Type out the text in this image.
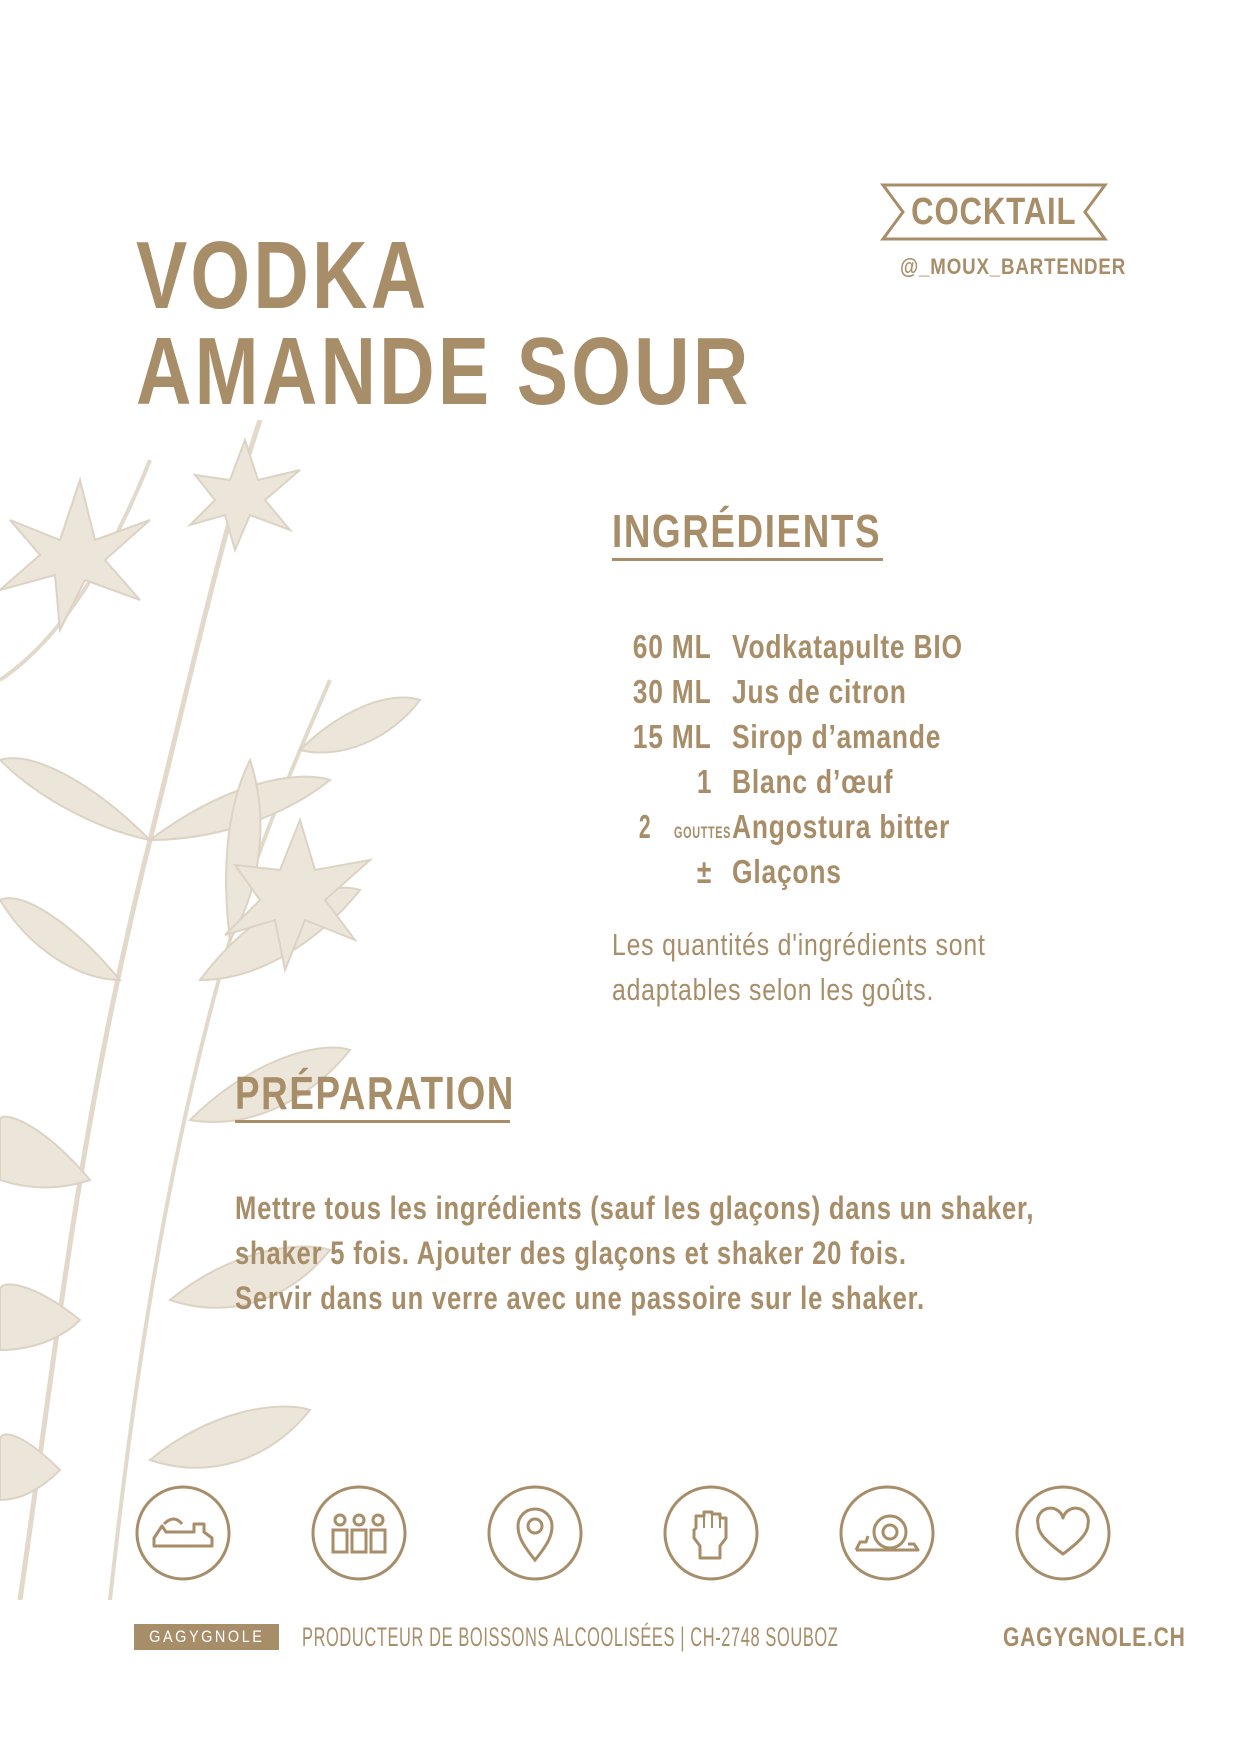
COCKTAIL
@_MOUX_BARTENDER
VODKA
AMANDE SOUR
INGRÉDIENTS
60 ML Vodkatapulte BIO
30 ML Jus de citron
15 ML Sirop d’amande
1 Blanc d’œuf
2 GOUTTES Angostura bitter
± Glaçons
Les quantités d'ingrédients sont
adaptables selon les goûts.
PRÉPARATION
Mettre tous les ingrédients (sauf les glaçons) dans un shaker,
shaker 5 fois. Ajouter des glaçons et shaker 20 fois.
Servir dans un verre avec une passoire sur le shaker.
GAGYGNOLE	PRODUCTEUR DE BOISSONS ALCOOLISÉES | CH-2748 SOUBOZ	GAGYGNOLE.CH
